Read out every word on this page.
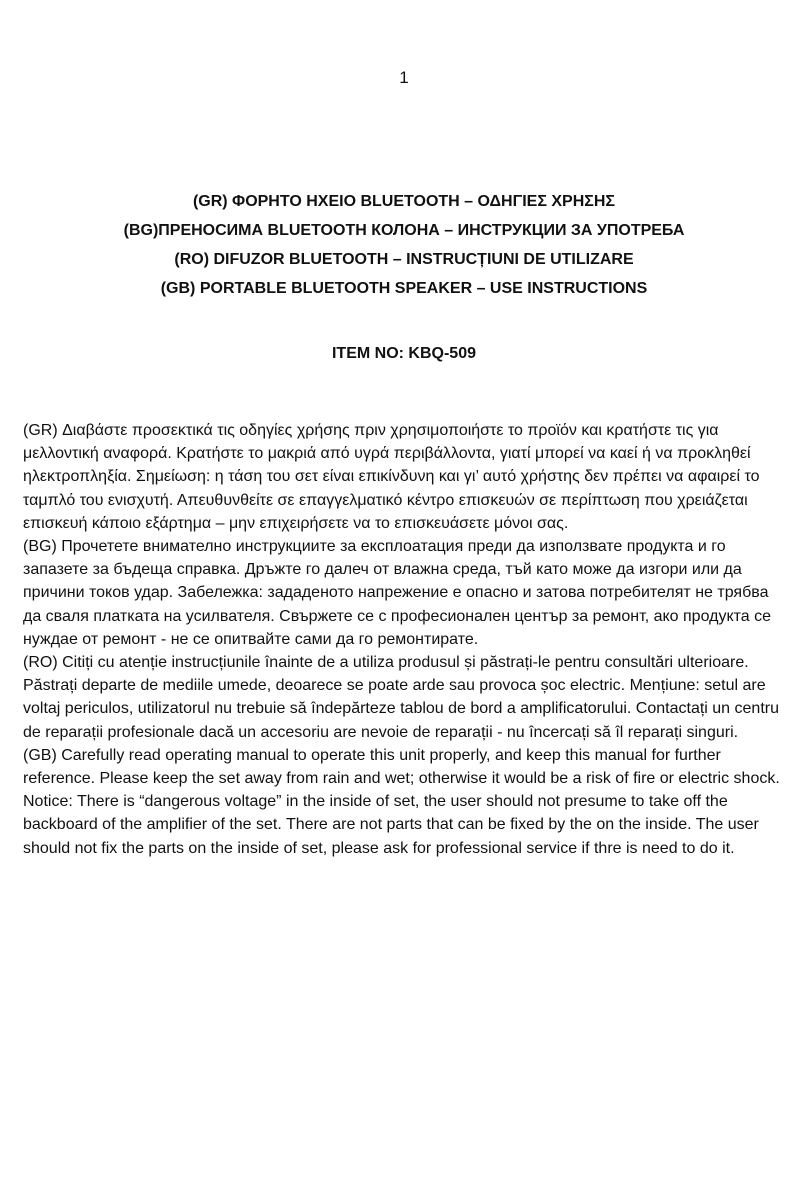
1
(GR) ΦΟΡΗΤΟ ΗΧΕΙΟ BLUETOOTH – ΟΔΗΓΙΕΣ ΧΡΗΣΗΣ
(BG)ПРЕНОСИМА BLUETOOTH КОЛОНА – ИНСТРУКЦИИ ЗА УПОТРЕБА
(RO) DIFUZOR BLUETOOTH – INSTRUCȚIUNI DE UTILIZARE
(GB) PORTABLE BLUETOOTH SPEAKER – USE INSTRUCTIONS
ITEM NO: KBQ-509

(GR) Διαβάστε προσεκτικά τις οδηγίες χρήσης πριν χρησιμοποιήστε το προϊόν και κρατήστε τις για μελλοντική αναφορά. Κρατήστε το μακριά από υγρά περιβάλλοντα, γιατί μπορεί να καεί ή να προκληθεί ηλεκτροπληξία. Σημείωση: η τάση του σετ είναι επικίνδυνη και γι’ αυτό χρήστης δεν πρέπει να αφαιρεί το ταμπλό του ενισχυτή. Απευθυνθείτε σε επαγγελματικό κέντρο επισκευών σε περίπτωση που χρειάζεται επισκευή κάποιο εξάρτημα – μην επιχειρήσετε να το επισκευάσετε μόνοι σας.

(BG) Прочетете внимателно инструкциите за експлоатация преди да използвате продукта и го запазете за бъдеща справка. Дръжте го далеч от влажна среда, тъй като може да изгори или да причини токов удар. Забележка: зададеното напрежение е опасно и затова потребителят не трябва да сваля платката на усилвателя. Свържете се с професионален център за ремонт, ако продукта се нуждае от ремонт - не се опитвайте сами да го ремонтирате.

(RO) Citiți cu atenție instrucțiunile înainte de a utiliza produsul și păstrați-le pentru consultări ulterioare. Păstrați departe de mediile umede, deoarece se poate arde sau provoca șoc electric. Mențiune: setul are voltaj periculos, utilizatorul nu trebuie să îndepărteze tablou de bord a amplificatorului. Contactați un centru de reparații profesionale dacă un accesoriu are nevoie de reparații - nu încercați să îl reparați singuri.

(GB) Carefully read operating manual to operate this unit properly, and keep this manual for further reference. Please keep the set away from rain and wet; otherwise it would be a risk of fire or electric shock. Notice: There is “dangerous voltage” in the inside of set, the user should not presume to take off the backboard of the amplifier of the set. There are not parts that can be fixed by the on the inside. The user should not fix the parts on the inside of set, please ask for professional service if thre is need to do it.
